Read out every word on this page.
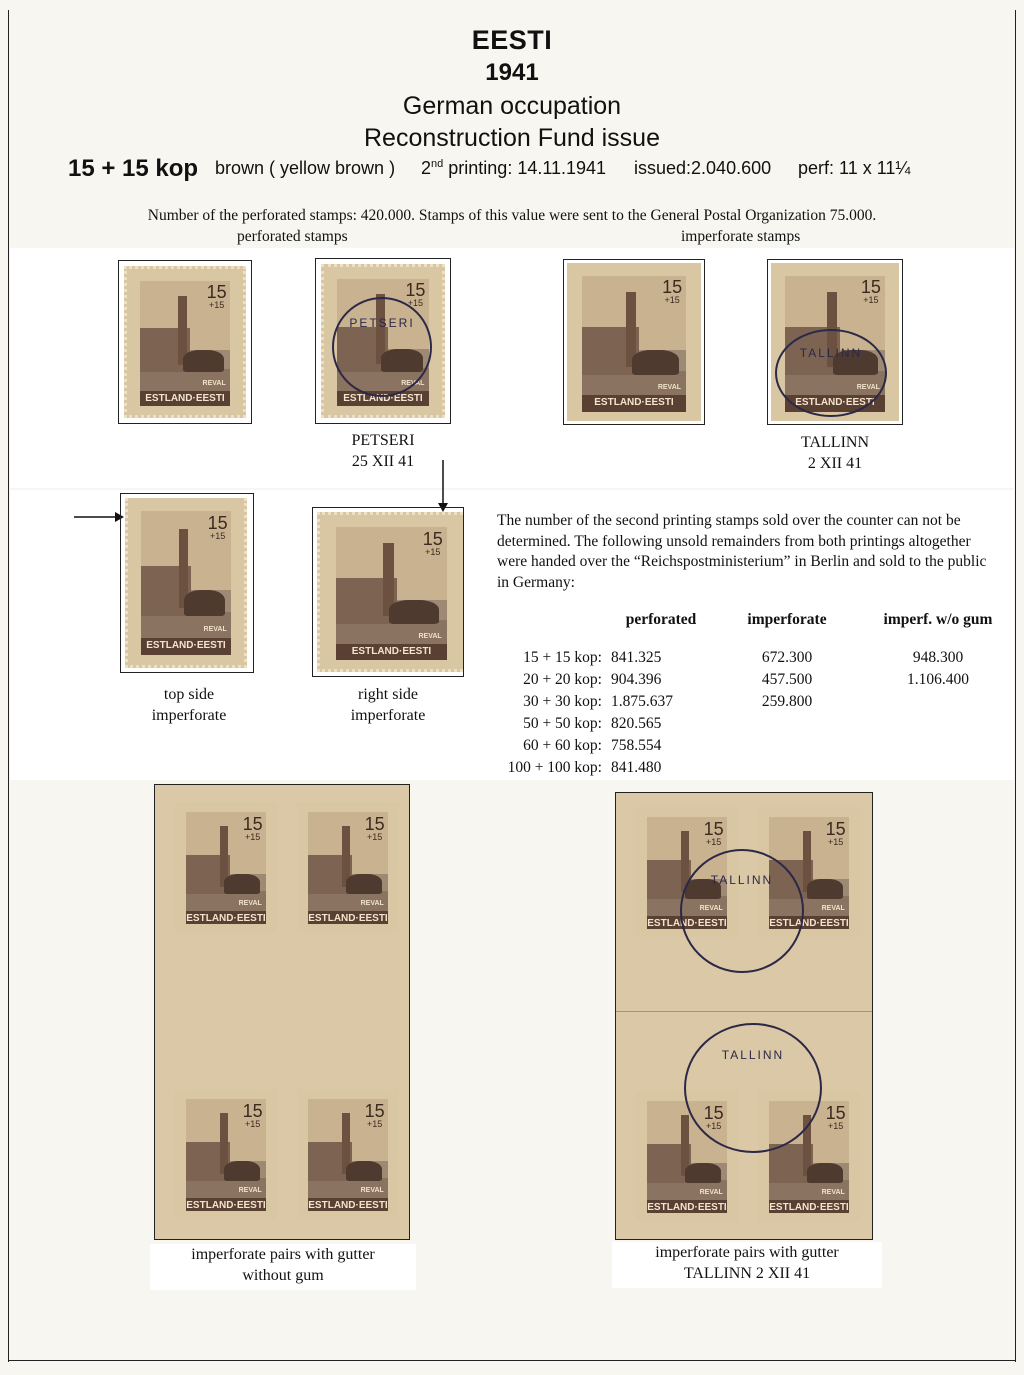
EESTI
1941
German occupation
Reconstruction Fund issue
15 + 15 kop brown ( yellow brown ) 2nd printing: 14.11.1941 issued:2.040.600 perf: 11 x 11¼
Number of the perforated stamps: 420.000. Stamps of this value were sent to the General Postal Organization 75.000.
perforated stamps	imperforate stamps
15
+15
REVAL
ESTLAND·EESTI
15
+15
REVAL
ESTLAND·EESTI
PETSERI
PETSERI
25 XII 41
15
+15
REVAL
ESTLAND·EESTI
15
+15
REVAL
ESTLAND·EESTI
TALLINN
TALLINN
2 XII 41
15
+15
REVAL
ESTLAND·EESTI
top side
imperforate
15
+15
REVAL
ESTLAND·EESTI
right side
imperforate
The number of the second printing stamps sold over the counter can not be determined. The following unsold remainders from both printings altogether were handed over the “Reichspostministerium” in Berlin and sold to the public in Germany:
	perforated	imperforate	imperf. w/o gum
15 + 15 kop:	841.325	672.300	948.300
20 + 20 kop:	904.396	457.500	1.106.400
30 + 30 kop:	1.875.637	259.800	
50 + 50 kop:	820.565		
60 + 60 kop:	758.554		
100 + 100 kop:	841.480		
15
+15
REVAL
ESTLAND·EESTI
15
+15
REVAL
ESTLAND·EESTI
15
+15
REVAL
ESTLAND·EESTI
15
+15
REVAL
ESTLAND·EESTI
imperforate pairs with gutter
without gum
15
+15
REVAL
ESTLAND·EESTI
15
+15
REVAL
ESTLAND·EESTI
15
+15
REVAL
ESTLAND·EESTI
15
+15
REVAL
ESTLAND·EESTI
TALLINN
TALLINN
imperforate pairs with gutter
TALLINN 2 XII 41
